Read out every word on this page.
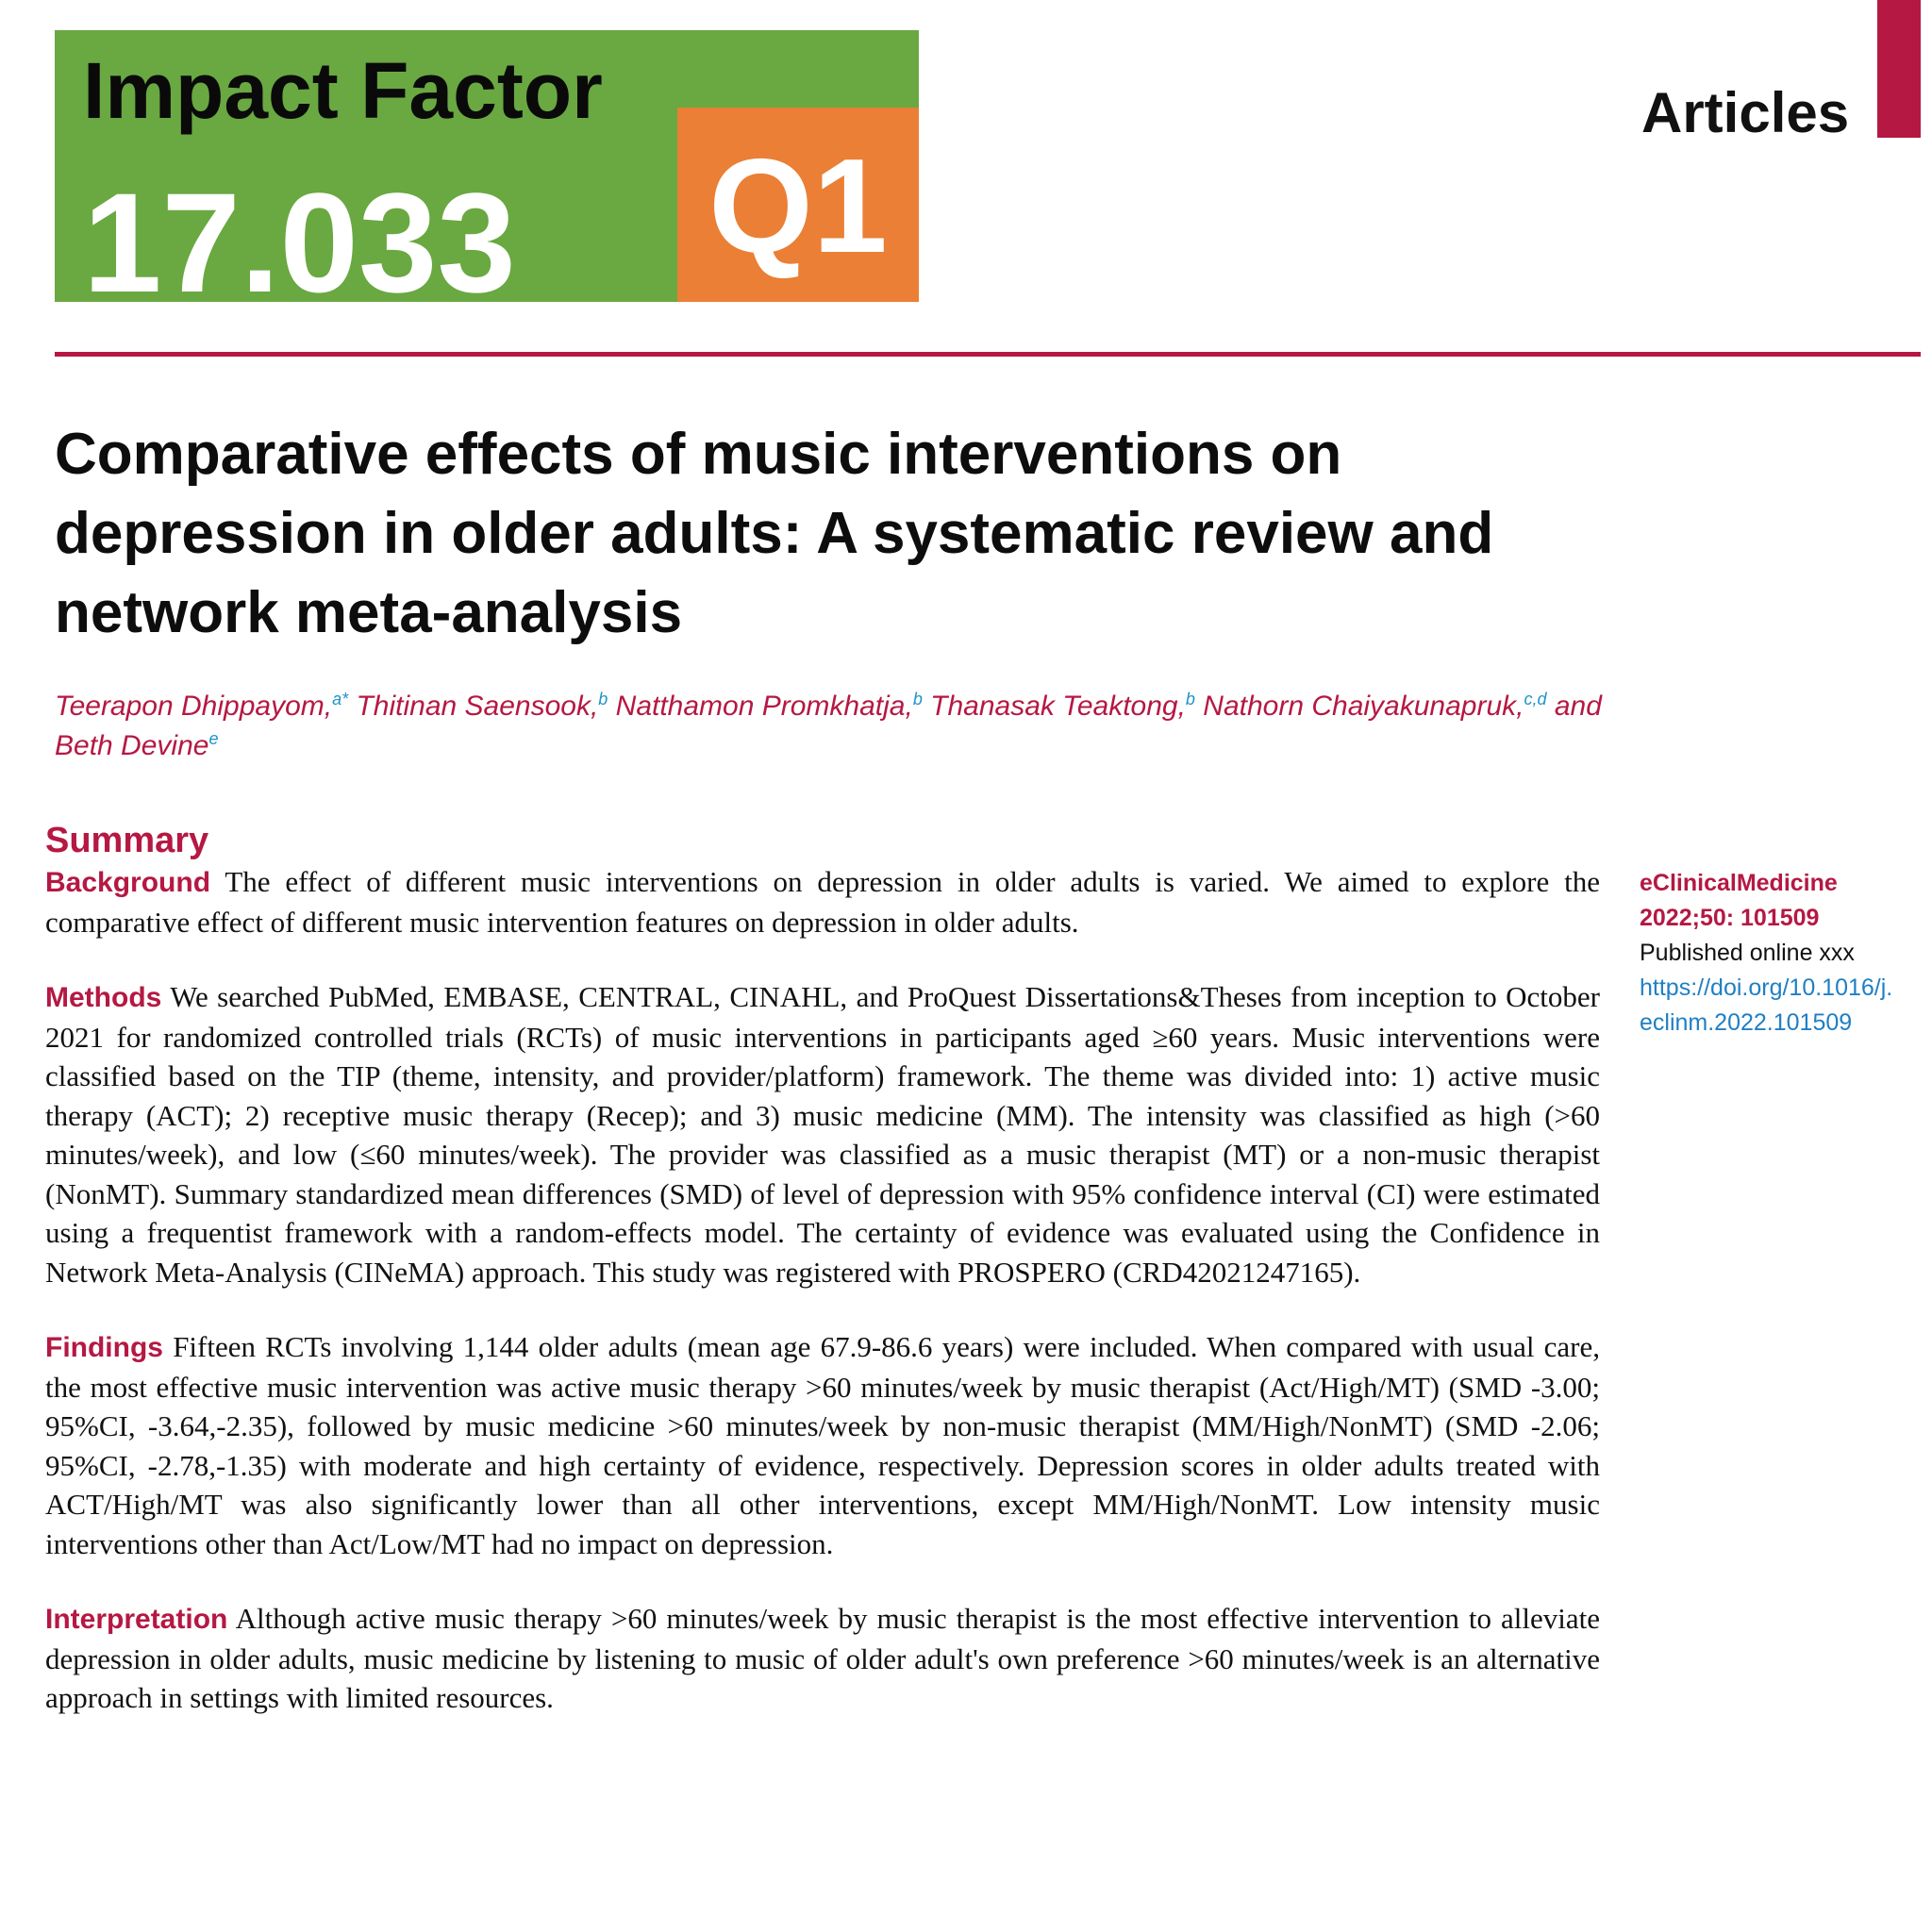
Impact Factor
17.033 Q1
Articles
Comparative effects of music interventions on depression in older adults: A systematic review and network meta-analysis
Teerapon Dhippayom,$^{a*}$ Thitinan Saensook,$^b$ Natthamon Promkhatja,$^b$ Thanasak Teaktong,$^b$ Nathorn Chaiyakunapruk,$^{c,d}$ and
Beth Devine$^e$
Summary

Background The effect of different music interventions on depression in older adults is varied. We aimed to explore the comparative effect of different music intervention features on depression in older adults.

Methods We searched PubMed, EMBASE, CENTRAL, CINAHL, and ProQuest Dissertations&Theses from inception to October 2021 for randomized controlled trials (RCTs) of music interventions in participants aged ≥60 years. Music interventions were classified based on the TIP (theme, intensity, and provider/platform) framework. The theme was divided into: 1) active music therapy (ACT); 2) receptive music therapy (Recep); and 3) music medicine (MM). The intensity was classified as high (>60 minutes/week), and low (≤60 minutes/week). The provider was classified as a music therapist (MT) or a non-music therapist (NonMT). Summary standardized mean differences (SMD) of level of depression with 95% confidence interval (CI) were estimated using a frequentist framework with a random-effects model. The certainty of evidence was evaluated using the Confidence in Network Meta-Analysis (CINeMA) approach. This study was registered with PROSPERO (CRD42021247165).

Findings Fifteen RCTs involving 1,144 older adults (mean age 67.9-86.6 years) were included. When compared with usual care, the most effective music intervention was active music therapy >60 minutes/week by music therapist (Act/High/MT) (SMD -3.00; 95%CI, -3.64,-2.35), followed by music medicine >60 minutes/week by non-music therapist (MM/High/NonMT) (SMD -2.06; 95%CI, -2.78,-1.35) with moderate and high certainty of evidence, respectively. Depression scores in older adults treated with ACT/High/MT was also significantly lower than all other interventions, except MM/High/NonMT. Low intensity music interventions other than Act/Low/MT had no impact on depression.

Interpretation Although active music therapy >60 minutes/week by music therapist is the most effective intervention to alleviate depression in older adults, music medicine by listening to music of older adult's own preference >60 minutes/week is an alternative approach in settings with limited resources.

eClinicalMedicine
2022;50: 101509
Published online xxx
https://doi.org/10.1016/j.
eclinm.2022.101509
